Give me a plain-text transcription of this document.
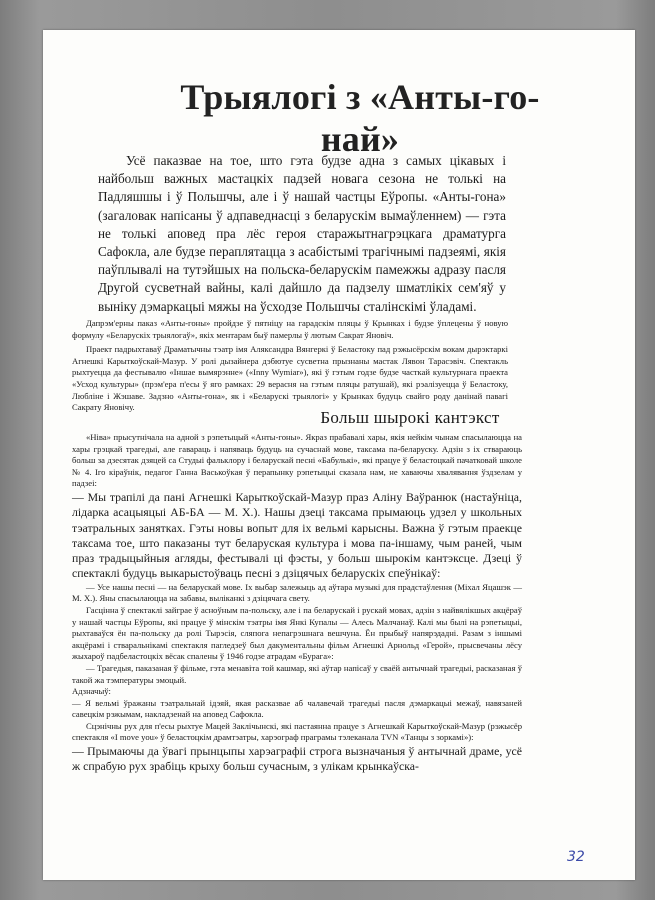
Трыялогі з «Анты-го-най»

Усё паказвае на тое, што гэта будзе адна з самых цікавых і найбольш важных мастацкіх падзей новага сезона не толькі на Падляшшы і ў Польшчы, але і ў нашай частцы Еўропы. «Анты-гона» (загаловак напісаны ў адпаведнасці з беларускім вымаўленнем) — гэта не толькі аповед пра лёс героя старажытнагрэцкага драматурга Сафокла, але будзе пераплятацца з асабістымі трагічнымі падзеямі, якія паўплывалі на тутэйшых на польска-беларускім памежжы адразу пасля Другой сусветнай вайны, калі дайшло да падзелу шматлікіх сем'яў у выніку дэмаркацыі мяжы на ўсходзе Польшчы сталінскімі ўладамі.

Дапрэм'ерны паказ «Анты-гоны» пройдзе ў пятніцу на гарадскім пляцы ў Крынках і будзе ўплецены ў новую формулу «Беларускіх трыялогаў», якіх ментарам быў памерлы ў лютым Сакрат Яновіч.

Праект падрыхтаваў Драматычны тэатр імя Аляксандра Вянгеркі ў Беластоку пад рэжысёрскім вокам дырэктаркі Агнешкі Карыткоўскай-Мазур. У ролі дызайнера дэбютуе сусветна прызнаны мастак Лявон Тарасэвіч. Спектакль рыхтуецца да фестывалю «Іншае вымярэнне» («Inny Wymiar»), які ў гэтым годзе будзе часткай культурнага праекта «Усход культуры» (прэм'ера п'есы ў яго рамках: 29 верасня на гэтым пляцы ратушай), які рэалізуецца ў Беластоку, Любліне і Жэшаве. Задзно «Анты-гона», як і «Беларускі трыялогі» у Крынках будуць свайго роду данінай павагі Сакрату Яновічу.

Больш шырокі кантэкст

«Ніва» прысутнічала на адной з рэпетыцый «Анты-гоны». Якраз прабавалі хары, якія нейкім чынам спасылаюцца на хары грэцкай трагедыі, але гавараць і напяваць будуць на сучаснай мове, таксама па-беларуску. Адзін з іх ствараюць больш за дзесятак дзяцей са Студыі фальклору і беларускай песні «Бабулькі», які працуе ў беластоцкай пачатковай школе № 4. Іго кіраўнік, педагог Ганна Васькоўкая ў перапынку рэпетыцыі сказала нам, не хаваючы хвалявання ўздзелам у падзеі:

— Мы трапілі да пані Агнешкі Карыткоўскай-Мазур праз Аліну Ваўранюк (настаўніца, лідарка асацыяцыі АБ-БА — М. Х.). Нашы дзеці таксама прымаюць удзел у школьных тэатральных занятках. Гэты новы вопыт для іх вельмі карысны. Важна ў гэтым праекце таксама тое, што паказаны тут беларуская культура і мова па-іншаму, чым раней, чым праз традыцыйныя агляды, фестывалі ці фэсты, у больш шырокім кантэксце. Дзеці ў спектаклі будуць выкарыстоўваць песні з дзіцячых беларускіх спеўнікаў:

— Усе нашы песні — на беларускай мове. Іх выбар залежыць ад аўтара музыкі для прадстаўлення (Міхал Яцашэк — М. Х.). Яны спасылаюцца на забавы, выліканкі з дзіцячага свету.

Гасцінна ў спектаклі зайграе ў асноўным па-польску, але і па беларускай і рускай мовах, адзін з найвялікшых акцёраў у нашай частцы Еўропы, які працуе ў мінскім тэатры імя Янкі Купалы — Алесь Малчанаў. Калі мы былі на рэпетыцыі, рыхтаваўся ён па-польску да ролі Тырэсія, сляпога непагрэшнага вешчуна. Ён прыбыў напярэдадні. Разам з іншымі акцёрамі і стваральнікамі спектакля пагледзеў был дакументальны фільм Агнешкі Арнольд «Герой», прысвечаны лёсу жыхароў падбеластоцкіх вёсак спалены ў 1946 годзе атрадам «Бурага»:

— Трагедыя, паказаная ў фільме, гэта менавіта той кашмар, які аўтар напісаў у сваёй антычнай трагедыі, расказаная ў такой жа тэмпературы эмоцый.

Адзначыў:

— Я вельмі ўражаны тэатральнай ідэяй, якая расказвае аб чалавечай трагедыі пасля дэмаркацыі межаў, навязаней савецкім рэжымам, накладзенай на аповед Сафокла.

Сцэнічны рух для п'есы рыхтуе Мацей Заклічынскі, які пастаянна працуе з Агнешкай Карыткоўскай-Мазур (рэжысёр спектакля «I move you» ў беластоцкім драмтэатры, харэограф праграмы тэлеканала TVN «Танцы з зоркамі»):

— Прымаючы да ўвагі прынцыпы харэаграфіі строга вызначаныя ў антычнай драме, усё ж спрабую рух зрабіць крыху больш сучасным, з улікам крынкаўска-

32
